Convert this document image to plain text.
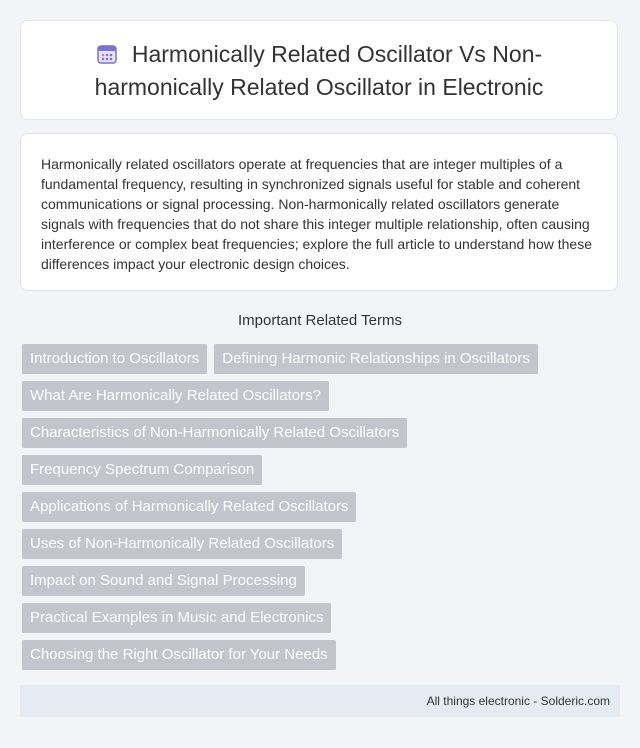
Harmonically Related Oscillator Vs Non-harmonically Related Oscillator in Electronic

Harmonically related oscillators operate at frequencies that are integer multiples of a fundamental frequency, resulting in synchronized signals useful for stable and coherent communications or signal processing. Non-harmonically related oscillators generate signals with frequencies that do not share this integer multiple relationship, often causing interference or complex beat frequencies; explore the full article to understand how these differences impact your electronic design choices.

Important Related Terms
Introduction to Oscillators	Defining Harmonic Relationships in Oscillators
What Are Harmonically Related Oscillators?
Characteristics of Non-Harmonically Related Oscillators
Frequency Spectrum Comparison
Applications of Harmonically Related Oscillators
Uses of Non-Harmonically Related Oscillators
Impact on Sound and Signal Processing
Practical Examples in Music and Electronics
Choosing the Right Oscillator for Your Needs
All things electronic - Solderic.com
